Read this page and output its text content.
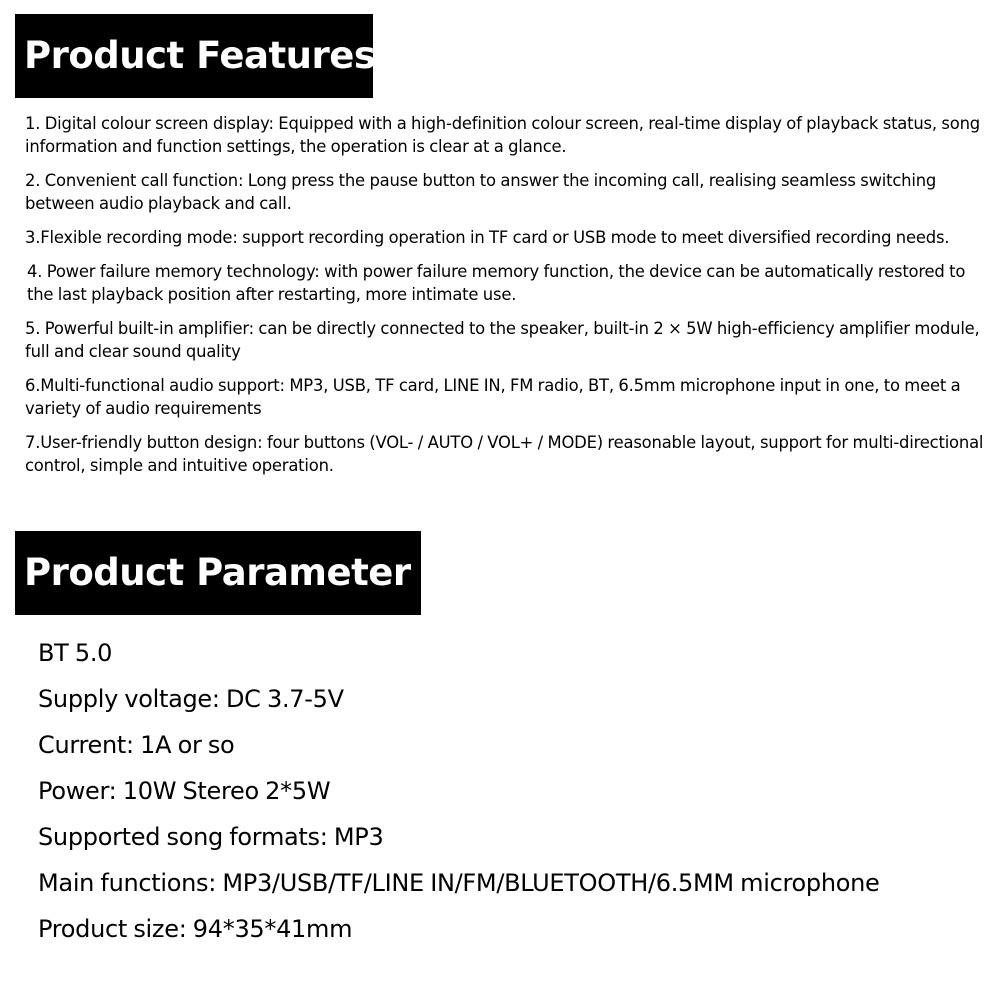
Product Features
1. Digital colour screen display: Equipped with a high-definition colour screen, real-time display of playback status, song information and function settings, the operation is clear at a glance.
2. Convenient call function: Long press the pause button to answer the incoming call, realising seamless switching between audio playback and call.
3.Flexible recording mode: support recording operation in TF card or USB mode to meet diversified recording needs.
4. Power failure memory technology: with power failure memory function, the device can be automatically restored to the last playback position after restarting, more intimate use.
5. Powerful built-in amplifier: can be directly connected to the speaker, built-in 2 × 5W high-efficiency amplifier module, full and clear sound quality
6.Multi-functional audio support: MP3, USB, TF card, LINE IN, FM radio, BT, 6.5mm microphone input in one, to meet a variety of audio requirements
7.User-friendly button design: four buttons (VOL- / AUTO / VOL+ / MODE) reasonable layout, support for multi-directional control, simple and intuitive operation.
Product Parameter
BT 5.0
Supply voltage: DC 3.7-5V
Current: 1A or so
Power: 10W Stereo 2*5W
Supported song formats: MP3
Main functions: MP3/USB/TF/LINE IN/FM/BLUETOOTH/6.5MM microphone
Product size: 94*35*41mm
